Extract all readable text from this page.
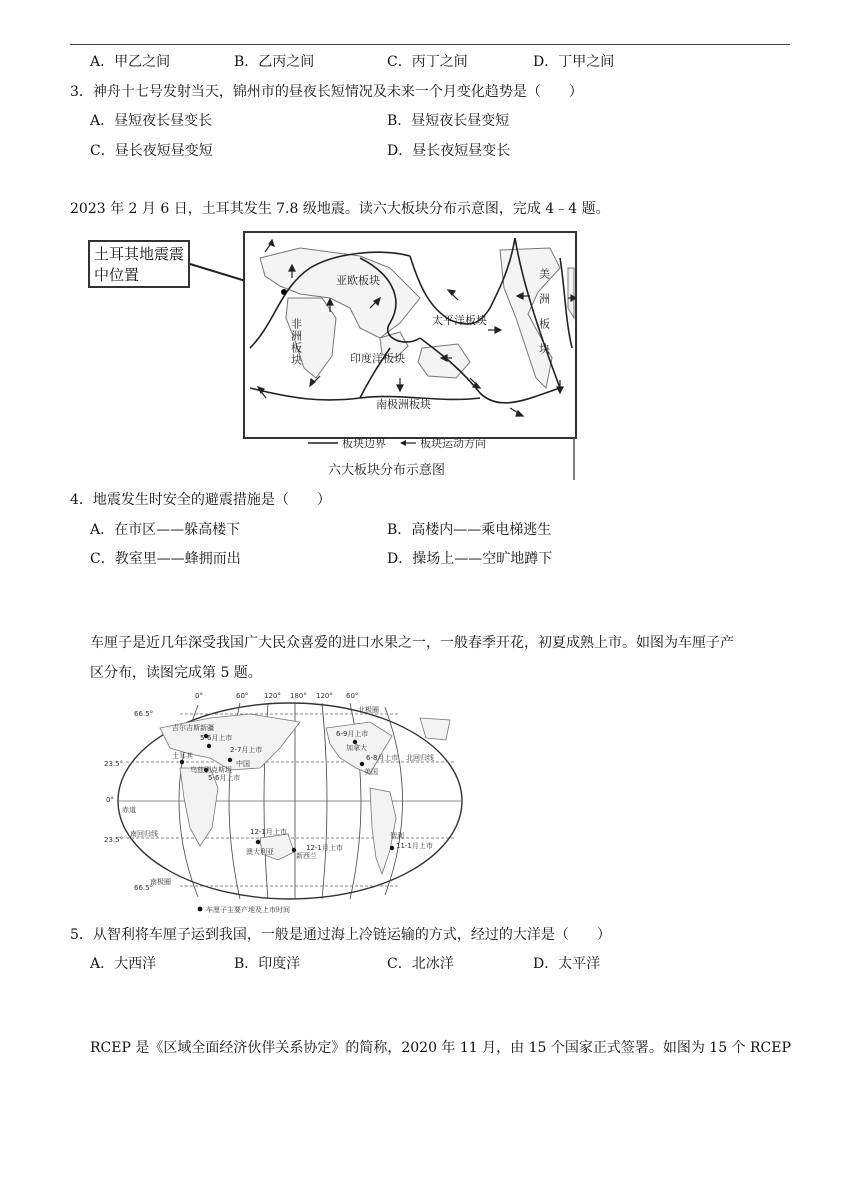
A．甲乙之间	B．乙丙之间	C．丙丁之间	D．丁甲之间
3．神舟十七号发射当天，锦州市的昼夜长短情况及未来一个月变化趋势是（　　）
A．昼短夜长昼变长	B．昼短夜长昼变短
C．昼长夜短昼变短	D．昼长夜短昼变长
2023 年 2 月 6 日，土耳其发生 7.8 级地震。读六大板块分布示意图，完成 4﹣4 题。
土耳其地震震中位置	亚欧板块
太平洋板块
印度洋板块
南极洲板块
非洲板块	美洲板块
板块边界	板块运动方向
六大板块分布示意图
4．地震发生时安全的避震措施是（　　）
A．在市区——躲高楼下	B．高楼内——乘电梯逃生
C．教室里——蜂拥而出	D．操场上——空旷地蹲下
车厘子是近几年深受我国广大民众喜爱的进口水果之一，一般春季开花，初夏成熟上市。如图为车厘子产
区分布，读图完成第 5 题。
0°	60° 120° 180° 120° 60°
66.5°
23.5°
0°
23.5°
66.5°
北极圈
北回归线
赤道
南回归线
南极圈
吉尔吉斯新疆
5-6月上市
土耳其
乌兹别克斯坦
2-7月上市
5-6月上市
中国
6-9月上市
加拿大
6-8月上市
美国
12-1月上市
澳大利亚	新西兰
12-1月上市
智利
11-1月上市
车厘子主要产地及上市时间
5．从智利将车厘子运到我国，一般是通过海上冷链运输的方式，经过的大洋是（　　）
A．大西洋	B．印度洋	C．北冰洋	D．太平洋
RCEP 是《区域全面经济伙伴关系协定》的简称，2020 年 11 月，由 15 个国家正式签署。如图为 15 个 RCEP
